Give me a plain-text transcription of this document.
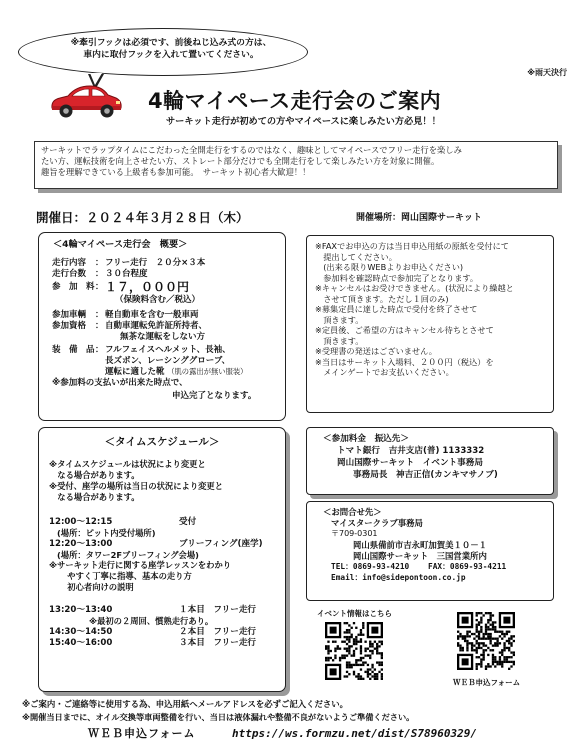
※牽引フックは必須です、前後ねじ込み式の方は、
車内に取付フックを入れて置いてください。
※雨天決行
4輪マイペース走行会のご案内
サーキット走行が初めての方やマイペースに楽しみたい方必見！！
サーキットでラップタイムにこだわった全開走行をするのではなく、趣味としてマイペースでフリー走行を楽しみ
たい方、運転技術を向上させたい方、ストレート部分だけでも全開走行をして楽しみたい方を対象に開催。
趣旨を理解できている上級者も参加可能。　サーキット初心者大歓迎！！
開催日：２０２４年３月２８日（木）	開催場所：岡山国際サーキット
＜4輪マイペース走行会　概要＞
走行内容	： フリー走行　２０分×３本
走行台数	： ３０台程度
参　加　料 ： １７，０００円
（保険料含む／税込）
参加車輌	： 軽自動車を含む一般車両
参加資格	： 自動車運転免許証所持者、
無茶な運転をしない方
装　備　品 ： フルフェイスヘルメット、長袖、
長ズボン、レーシンググローブ、
運転に適した靴 （肌の露出が無い服装）
※参加料の支払いが出来た時点で、
申込完了となります。
※FAXでお申込の方は当日申込用紙の原紙を受付にて
　提出してください。
　(出来る限りWEBよりお申込ください)
　参加料を確認時点で参加完了となります。
※キャンセルはお受けできません。(状況により繰越と
　させて頂きます。ただし１回のみ)
※募集定員に達した時点で受付を終了させて
　頂きます。
※定員後、ご希望の方はキャンセル待ちとさせて
　頂きます。
※受理書の発送はございません。
※当日はサーキット入場料、２００円（税込）を
　メインゲートでお支払いください。
＜参加料金　振込先＞
トマト銀行　吉井支店(普) 1133332
岡山国際サーキット　イベント事務局
事務局長　神吉正信(カンキマサノブ)
＜お問合せ先＞
マイスタークラブ事務局
〒709-0301
岡山県備前市吉永町加賀美１０－１
岡山国際サーキット　三国営業所内
TEL：0869-93-4210 FAX：0869-93-4211
Email：info@sidepontoon.co.jp
＜タイムスケジュール＞
※タイムスケジュールは状況により変更と
　なる場合があります。
※受付、座学の場所は当日の状況により変更と
　なる場合があります。
12:00～12:15	受付
(場所：ピット内受付場所)
12:20～13:00	ブリーフィング(座学)
(場所：タワー2Fブリーフィング会場)
※サーキット走行に関する座学レッスンをわかり
　やすく丁寧に指導、基本の走り方
　初心者向けの説明
13:20～13:40	１本目　フリー走行
※最初の２周回、慣熟走行あり。
14:30～14:50	２本目　フリー走行
15:40～16:00	３本目　フリー走行
イベント情報はこちら
ＷＥＢ申込フォーム
※ご案内・ご連絡等に使用する為、申込用紙へメールアドレスを必ずご記入ください。
※開催当日までに、オイル交換等車両整備を行い、当日は液体漏れや整備不良がないようご準備ください。
ＷＥＢ申込フォーム	https://ws.formzu.net/dist/S78960329/
